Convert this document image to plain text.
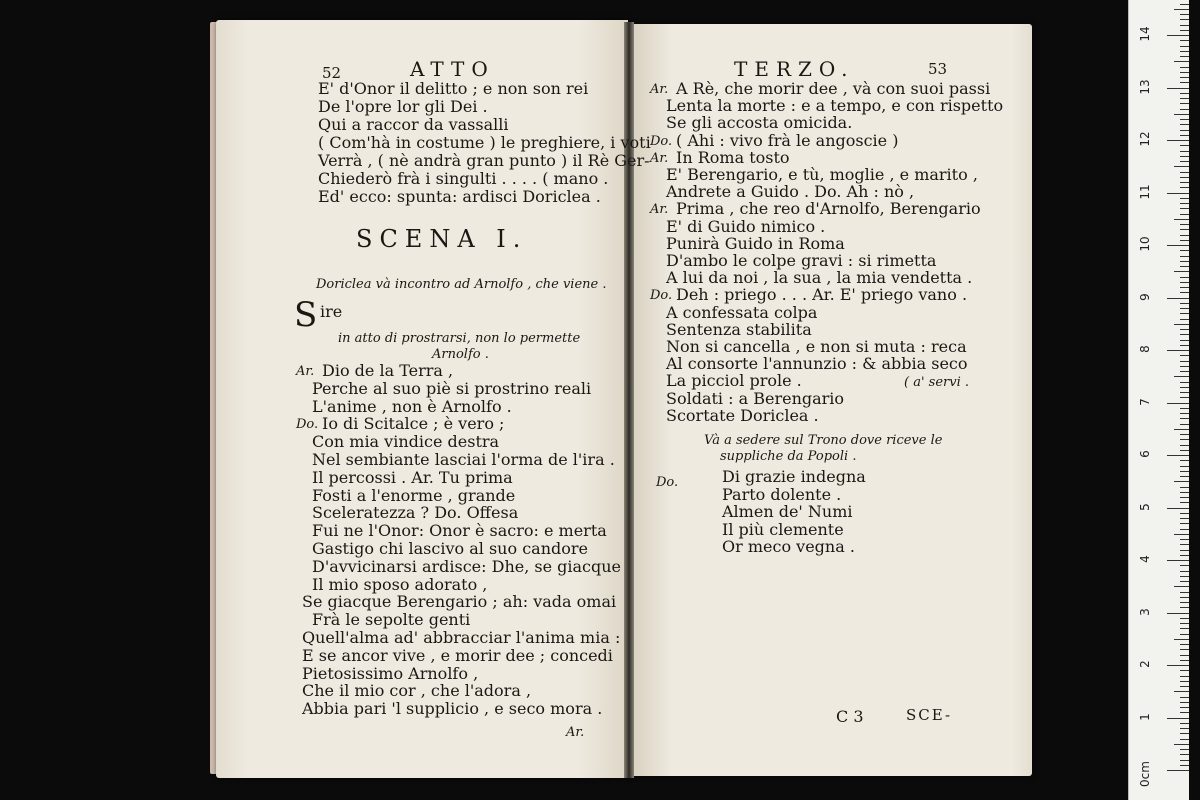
52	ATTO
E' d'Onor il delitto ; e non son rei
De l'opre lor gli Dei .
Qui a raccor da vassalli
( Com'hà in costume ) le preghiere, i voti
Verrà , ( nè andrà gran punto ) il Rè Ger-
Chiederò frà i singulti . . . . ( mano .
Ed' ecco: spunta: ardisci Doriclea .
SCENA I.
Doriclea và incontro ad Arnolfo , che viene .
S ire
in atto di prostrarsi, non lo permette
Arnolfo .
Ar. Dio de la Terra ,
Perche al suo piè si prostrino reali
L'anime , non è Arnolfo .
Do. Io di Scitalce ; è vero ;
Con mia vindice destra
Nel sembiante lasciai l'orma de l'ira .
Il percossi . Ar. Tu prima
Fosti a l'enorme , grande
Sceleratezza ? Do. Offesa
Fui ne l'Onor: Onor è sacro: e merta
Gastigo chi lascivo al suo candore
D'avvicinarsi ardisce: Dhe, se giacque
Il mio sposo adorato ,
Se giacque Berengario ; ah: vada omai
Frà le sepolte genti
Quell'alma ad' abbracciar l'anima mia :
E se ancor vive , e morir dee ; concedi
Pietosissimo Arnolfo ,
Che il mio cor , che l'adora ,
Abbia pari 'l supplicio , e seco mora .
Ar.
TERZO.	53
Ar. A Rè, che morir dee , và con suoi passi
Lenta la morte : e a tempo, e con rispetto
Se gli accosta omicida.
Do. ( Ahi : vivo frà le angoscie )
Ar. In Roma tosto
E' Berengario, e tù, moglie , e marito ,
Andrete a Guido . Do. Ah : nò ,
Ar. Prima , che reo d'Arnolfo, Berengario
E' di Guido nimico .
Punirà Guido in Roma
D'ambo le colpe gravi : si rimetta
A lui da noi , la sua , la mia vendetta .
Do. Deh : priego . . . Ar. E' priego vano .
A confessata colpa
Sentenza stabilita
Non si cancella , e non si muta : reca
Al consorte l'annunzio : & abbia seco
La picciol prole .
Soldati : a Berengario
Scortate Doriclea .
( a' servi .
Và a sedere sul Trono dove riceve le
suppliche da Popoli .
Do.	Di grazie indegna
Parto dolente .
Almen de' Numi
Il più clemente
Or meco vegna .
C 3	SCE-
0cm
1
2
3
4
5
6
7
8
9
10
11
12
13
14
